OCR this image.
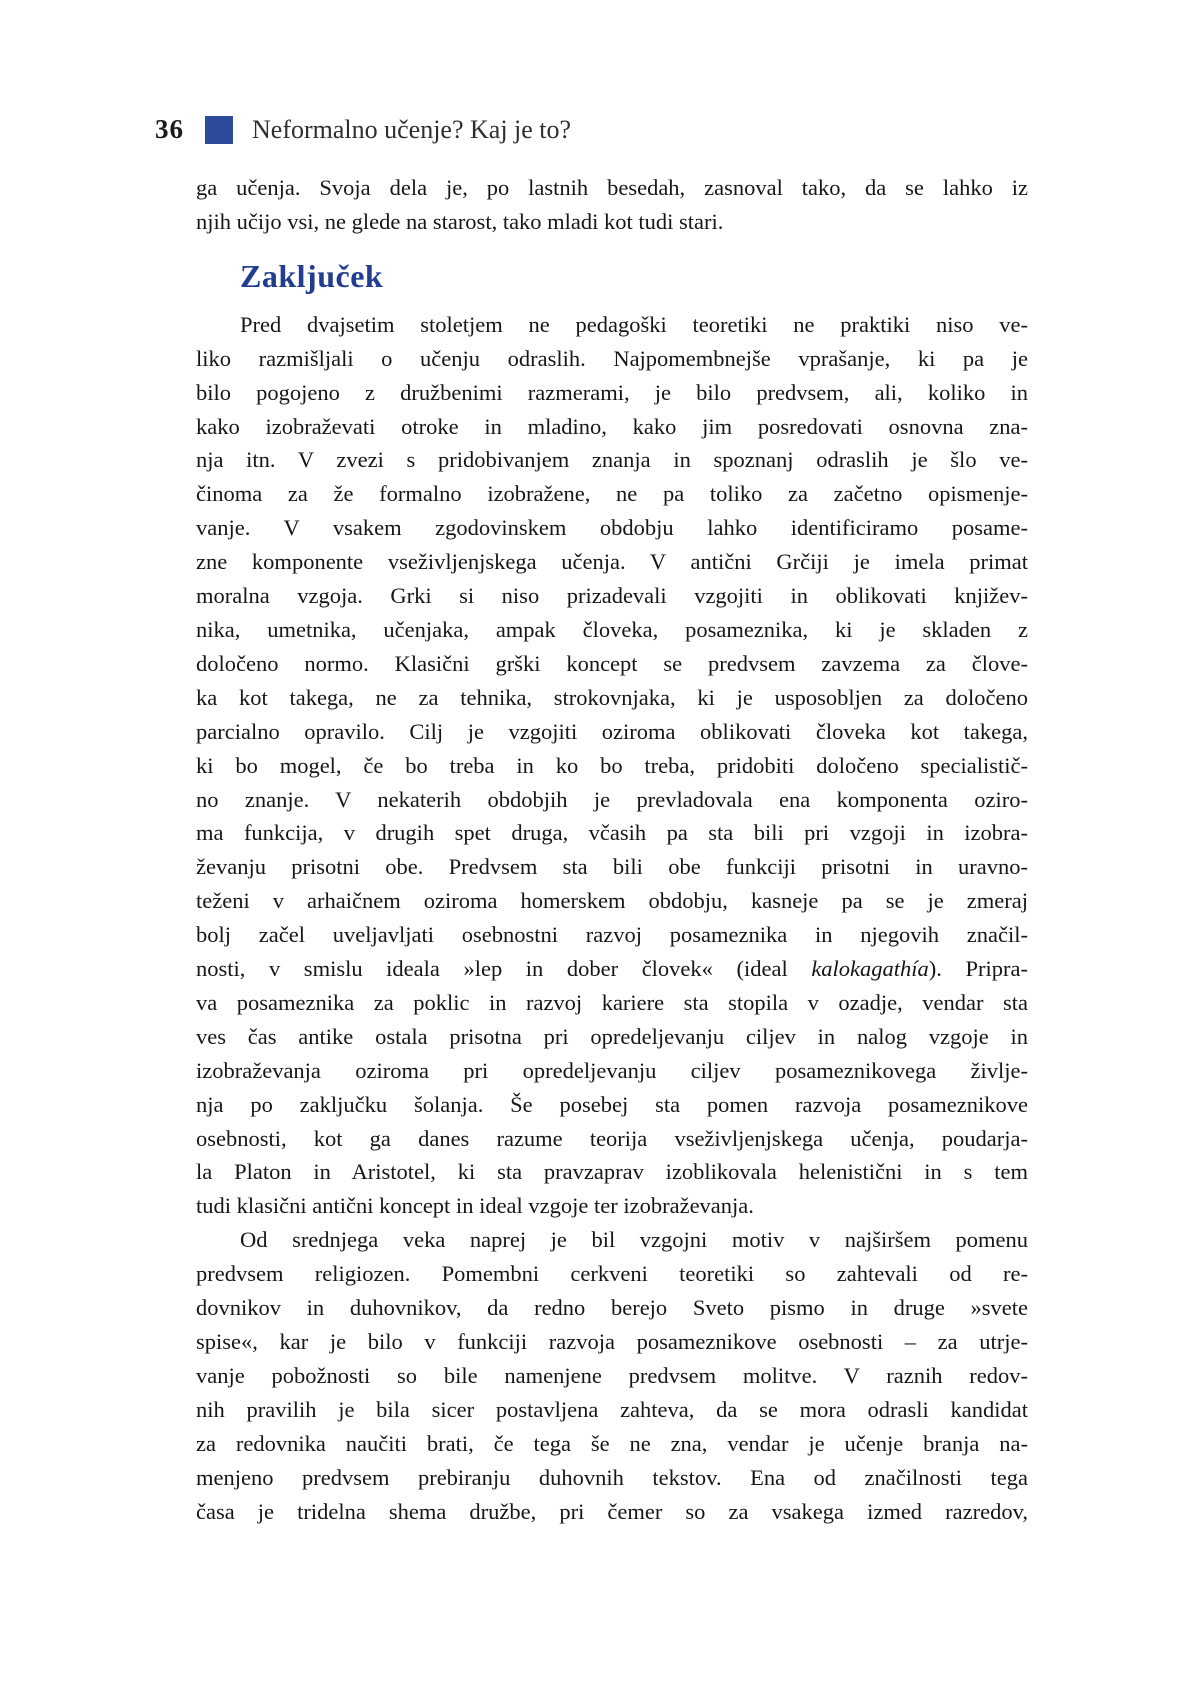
36	Neformalno učenje? Kaj je to?
ga učenja. Svoja dela je, po lastnih besedah, zasnoval tako, da se lahko iz
njih učijo vsi, ne glede na starost, tako mladi kot tudi stari.
Zaključek
Pred dvajsetim stoletjem ne pedagoški teoretiki ne praktiki niso ve-
liko razmišljali o učenju odraslih. Najpomembnejše vprašanje, ki pa je
bilo pogojeno z družbenimi razmerami, je bilo predvsem, ali, koliko in
kako izobraževati otroke in mladino, kako jim posredovati osnovna zna-
nja itn. V zvezi s pridobivanjem znanja in spoznanj odraslih je šlo ve-
činoma za že formalno izobražene, ne pa toliko za začetno opismenje-
vanje. V vsakem zgodovinskem obdobju lahko identificiramo posame-
zne komponente vseživljenjskega učenja. V antični Grčiji je imela primat
moralna vzgoja. Grki si niso prizadevali vzgojiti in oblikovati književ-
nika, umetnika, učenjaka, ampak človeka, posameznika, ki je skladen z
določeno normo. Klasični grški koncept se predvsem zavzema za člove-
ka kot takega, ne za tehnika, strokovnjaka, ki je usposobljen za določeno
parcialno opravilo. Cilj je vzgojiti oziroma oblikovati človeka kot takega,
ki bo mogel, če bo treba in ko bo treba, pridobiti določeno specialistič-
no znanje. V nekaterih obdobjih je prevladovala ena komponenta oziro-
ma funkcija, v drugih spet druga, včasih pa sta bili pri vzgoji in izobra-
ževanju prisotni obe. Predvsem sta bili obe funkciji prisotni in uravno-
teženi v arhaičnem oziroma homerskem obdobju, kasneje pa se je zmeraj
bolj začel uveljavljati osebnostni razvoj posameznika in njegovih značil-
nosti, v smislu ideala »lep in dober človek« (ideal kalokagathía). Pripra-
va posameznika za poklic in razvoj kariere sta stopila v ozadje, vendar sta
ves čas antike ostala prisotna pri opredeljevanju ciljev in nalog vzgoje in
izobraževanja oziroma pri opredeljevanju ciljev posameznikovega življe-
nja po zaključku šolanja. Še posebej sta pomen razvoja posameznikove
osebnosti, kot ga danes razume teorija vseživljenjskega učenja, poudarja-
la Platon in Aristotel, ki sta pravzaprav izoblikovala helenistični in s tem
tudi klasični antični koncept in ideal vzgoje ter izobraževanja.
Od srednjega veka naprej je bil vzgojni motiv v najširšem pomenu
predvsem religiozen. Pomembni cerkveni teoretiki so zahtevali od re-
dovnikov in duhovnikov, da redno berejo Sveto pismo in druge »svete
spise«, kar je bilo v funkciji razvoja posameznikove osebnosti – za utrje-
vanje pobožnosti so bile namenjene predvsem molitve. V raznih redov-
nih pravilih je bila sicer postavljena zahteva, da se mora odrasli kandidat
za redovnika naučiti brati, če tega še ne zna, vendar je učenje branja na-
menjeno predvsem prebiranju duhovnih tekstov. Ena od značilnosti tega
časa je tridelna shema družbe, pri čemer so za vsakega izmed razredov,
